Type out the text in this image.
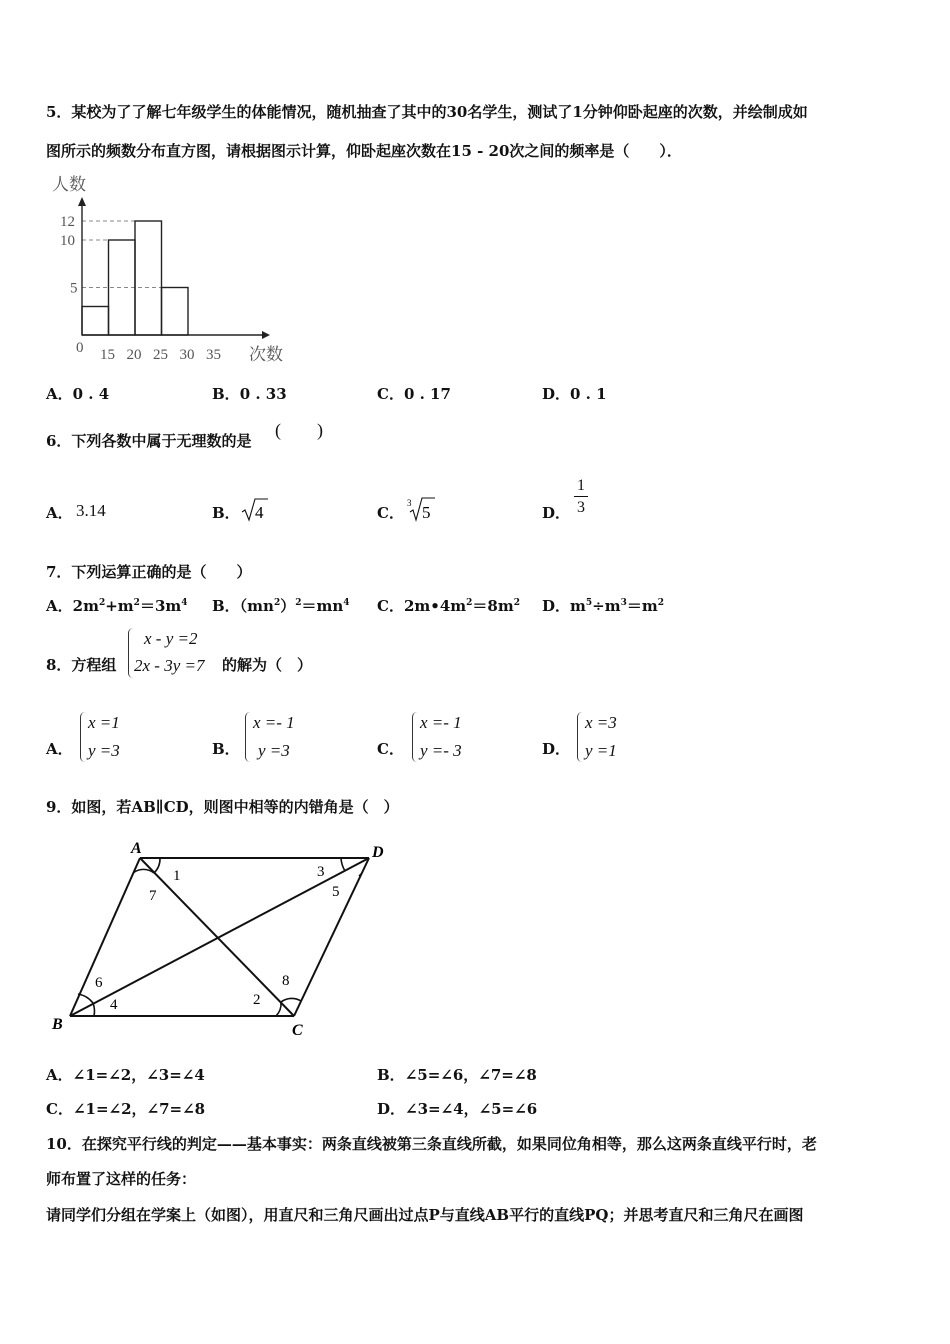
5．某校为了了解七年级学生的体能情况，随机抽查了其中的30名学生，测试了1分钟仰卧起座的次数，并绘制成如
图所示的频数分布直方图，请根据图示计算，仰卧起座次数在15 - 20次之间的频率是（　　）．
12
10
5
15 20 25 30 35
0
人数
次数
A．0 . 4	B．0 . 33	C．0 . 17	D．0 . 1
6．下列各数中属于无理数的是
(　　)
A． 3.14	B． 4	C．
3 5	D． $\frac{1}{3}$
7．下列运算正确的是（　　）
A．$2m^2+m^2=3m^4$ B．$(mn^2)^2=mn^4$ C．$2m•4m^2=8m^2$ D．$m^5\div m^3=m^2$
8．方程组
x - y =2
2x - 3y =7 的解为（　）
A．
x =1
y =3	B．
x =- 1
y =3	C．
x =- 1
y =- 3	D．
x =3
y =1
9．如图，若AB∥CD，则图中相等的内错角是（　）
A	D
B	C
1
2
3
4
5
6
7
8
A．∠1=∠2，∠3=∠4	B．∠5=∠6，∠7=∠8
C．∠1=∠2，∠7=∠8	D．∠3=∠4，∠5=∠6
10．在探究平行线的判定——基本事实：两条直线被第三条直线所截，如果同位角相等，那么这两条直线平行时，老
师布置了这样的任务：
请同学们分组在学案上（如图），用直尺和三角尺画出过点P与直线AB平行的直线PQ；并思考直尺和三角尺在画图
